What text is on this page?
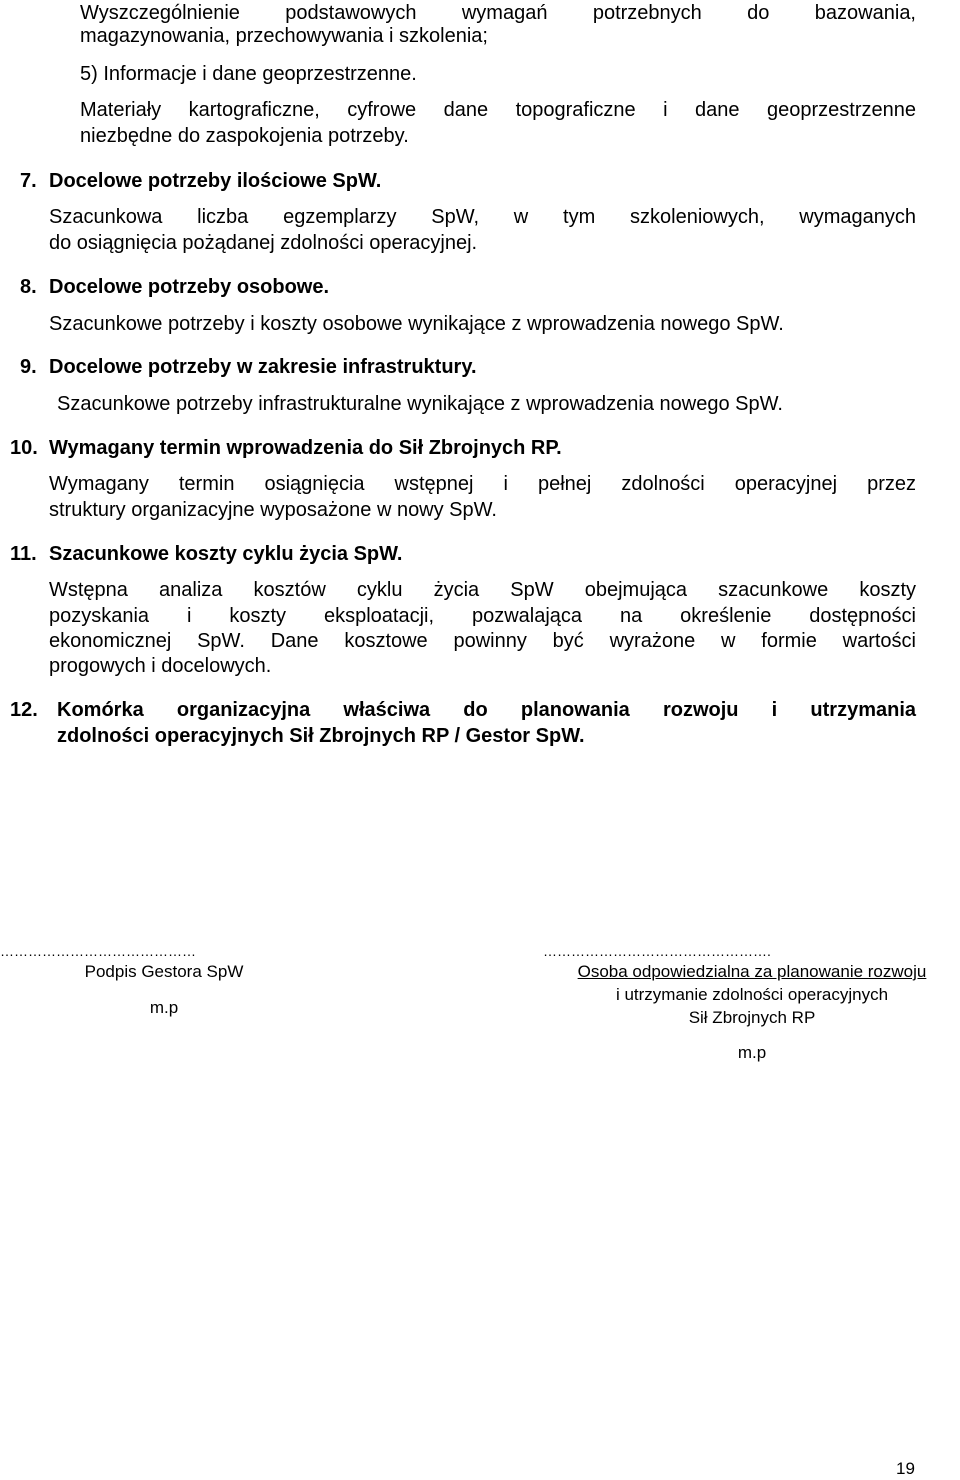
Wyszczególnienie podstawowych wymagań potrzebnych do bazowania,
magazynowania, przechowywania i szkolenia;
5) Informacje i dane geoprzestrzenne.
Materiały kartograficzne, cyfrowe dane topograficzne i dane geoprzestrzenne
niezbędne do zaspokojenia potrzeby.
7. Docelowe potrzeby ilościowe SpW.
Szacunkowa liczba egzemplarzy SpW, w tym szkoleniowych, wymaganych
do osiągnięcia pożądanej zdolności operacyjnej.
8. Docelowe potrzeby osobowe.
Szacunkowe potrzeby i koszty osobowe wynikające z wprowadzenia nowego SpW.
9. Docelowe potrzeby w zakresie infrastruktury.
Szacunkowe potrzeby infrastrukturalne wynikające z wprowadzenia nowego SpW.
10. Wymagany termin wprowadzenia do Sił Zbrojnych RP.
Wymagany termin osiągnięcia wstępnej i pełnej zdolności operacyjnej przez
struktury organizacyjne wyposażone w nowy SpW.
11. Szacunkowe koszty cyklu życia SpW.
Wstępna analiza kosztów cyklu życia SpW obejmująca szacunkowe koszty
pozyskania i koszty eksploatacji, pozwalająca na określenie dostępności
ekonomicznej SpW. Dane kosztowe powinny być wyrażone w formie wartości
progowych i docelowych.
12. Komórka organizacyjna właściwa do planowania rozwoju i utrzymania
zdolności operacyjnych Sił Zbrojnych RP / Gestor SpW.
……………………………………
Podpis Gestora SpW
m.p
………………………………………….
Osoba odpowiedzialna za planowanie rozwoju
i utrzymanie zdolności operacyjnych
Sił Zbrojnych RP
m.p
19
